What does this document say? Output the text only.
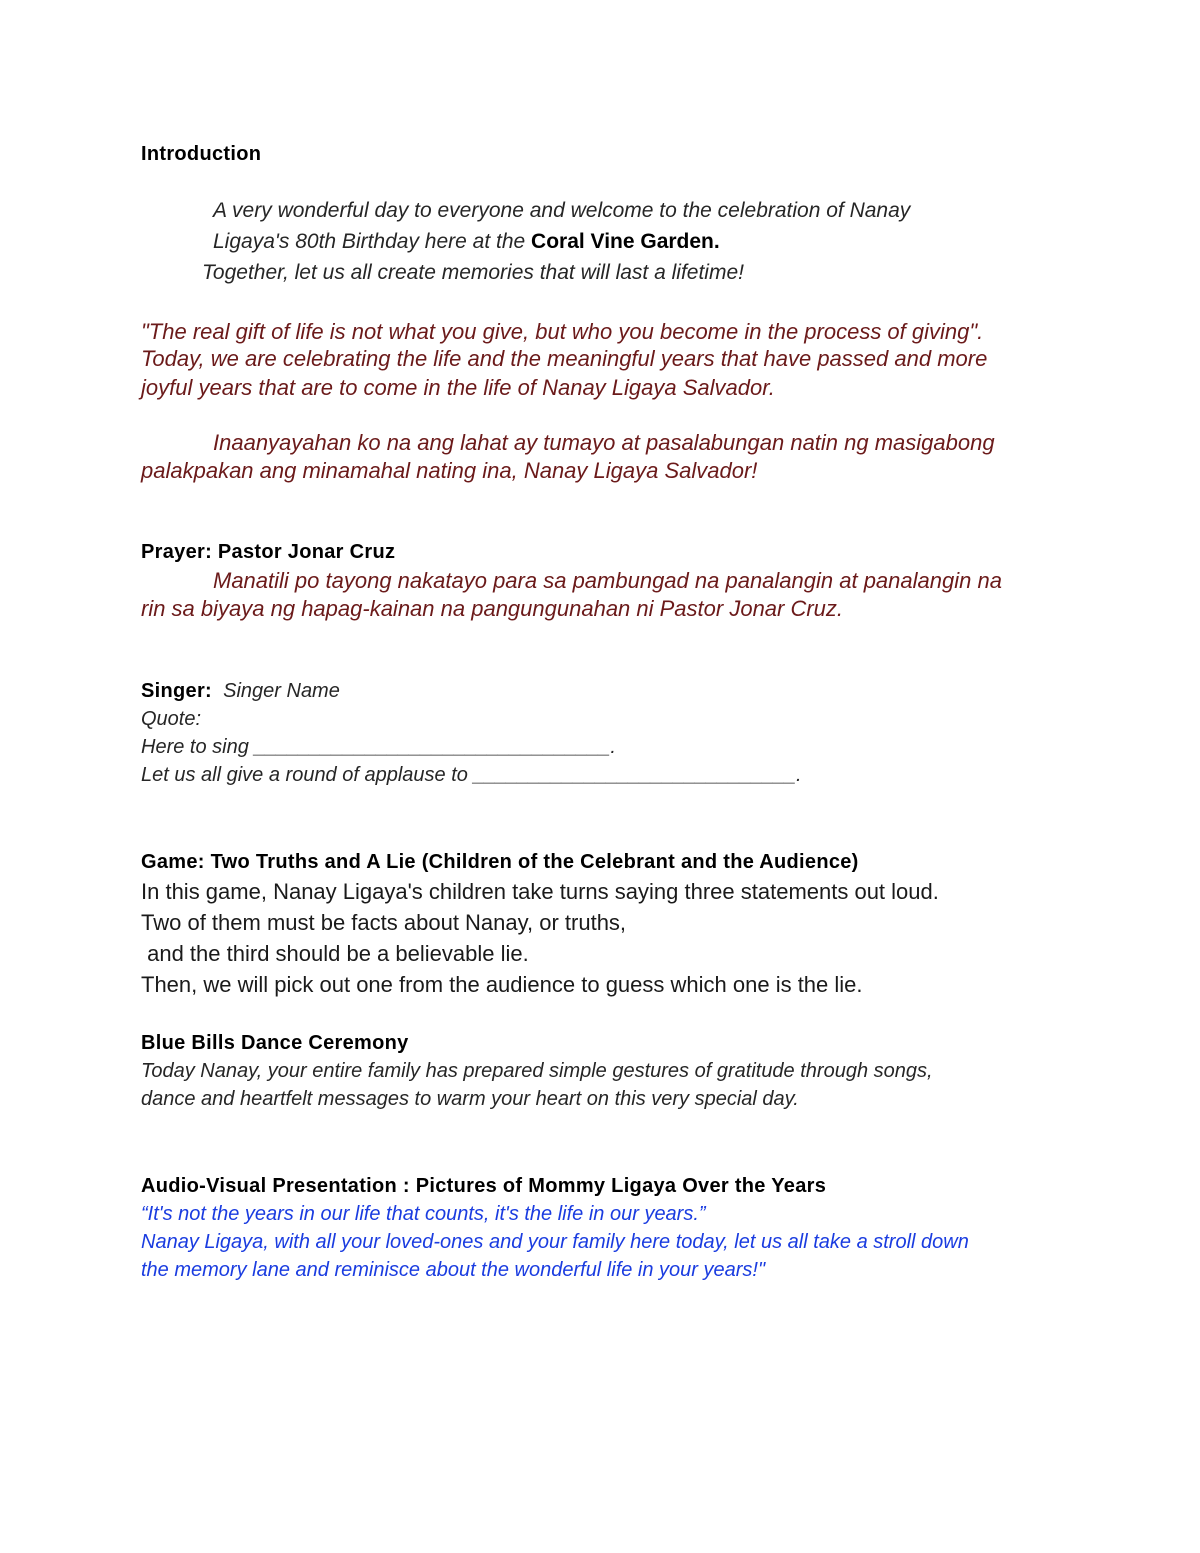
Introduction
A very wonderful day to everyone and welcome to the celebration of Nanay
Ligaya's 80th Birthday here at the Coral Vine Garden.
Together, let us all create memories that will last a lifetime!
"The real gift of life is not what you give, but who you become in the process of giving".
Today, we are celebrating the life and the meaningful years that have passed and more
joyful years that are to come in the life of Nanay Ligaya Salvador.
Inaanyayahan ko na ang lahat ay tumayo at pasalabungan natin ng masigabong
palakpakan ang minamahal nating ina, Nanay Ligaya Salvador!
Prayer: Pastor Jonar Cruz
Manatili po tayong nakatayo para sa pambungad na panalangin at panalangin na
rin sa biyaya ng hapag-kainan na pangungunahan ni Pastor Jonar Cruz.
Singer: Singer Name
Quote:
Here to sing ________________________________.
Let us all give a round of applause to _____________________________.
Game: Two Truths and A Lie (Children of the Celebrant and the Audience)
In this game, Nanay Ligaya's children take turns saying three statements out loud.
Two of them must be facts about Nanay, or truths,
and the third should be a believable lie.
Then, we will pick out one from the audience to guess which one is the lie.
Blue Bills Dance Ceremony
Today Nanay, your entire family has prepared simple gestures of gratitude through songs,
dance and heartfelt messages to warm your heart on this very special day.
Audio-Visual Presentation : Pictures of Mommy Ligaya Over the Years
“It's not the years in our life that counts, it's the life in our years.”
Nanay Ligaya, with all your loved-ones and your family here today, let us all take a stroll down
the memory lane and reminisce about the wonderful life in your years!"
